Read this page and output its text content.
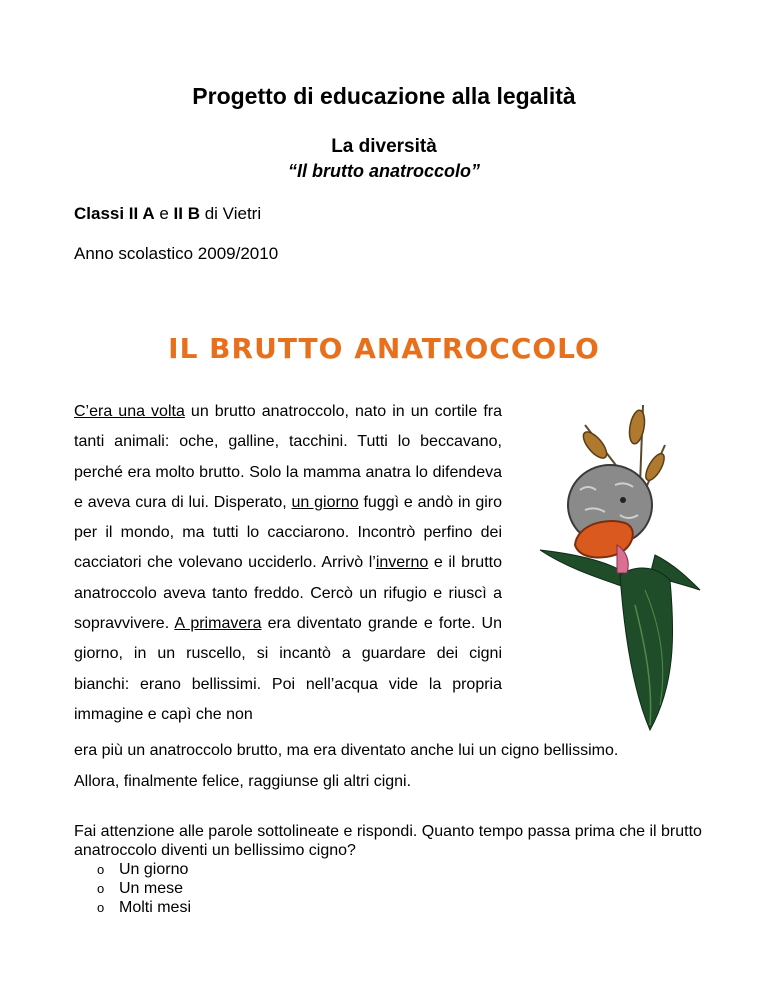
Progetto di educazione alla legalità
La diversità
“Il brutto anatroccolo”
Classi II A e II B di Vietri
Anno scolastico 2009/2010
IL BRUTTO ANATROCCOLO
C’era una volta un brutto anatroccolo, nato in un cortile fra tanti animali: oche, galline, tacchini. Tutti lo beccavano, perché era molto brutto. Solo la mamma anatra lo difendeva e aveva cura di lui. Disperato, un giorno fuggì e andò in giro per il mondo, ma tutti lo cacciarono. Incontrò perfino dei cacciatori che volevano ucciderlo. Arrivò l’inverno e il brutto anatroccolo aveva tanto freddo. Cercò un rifugio e riuscì a sopravvivere. A primavera era diventato grande e forte. Un giorno, in un ruscello, si incantò a guardare dei cigni bianchi: erano bellissimi. Poi nell’acqua vide la propria immagine e capì che non
era più un anatroccolo brutto, ma era diventato anche lui un cigno bellissimo.
Allora, finalmente felice, raggiunse gli altri cigni.
Fai attenzione alle parole sottolineate e rispondi. Quanto tempo passa prima che il brutto anatroccolo diventi un bellissimo cigno?
o Un giorno
o Un mese
o Molti mesi
